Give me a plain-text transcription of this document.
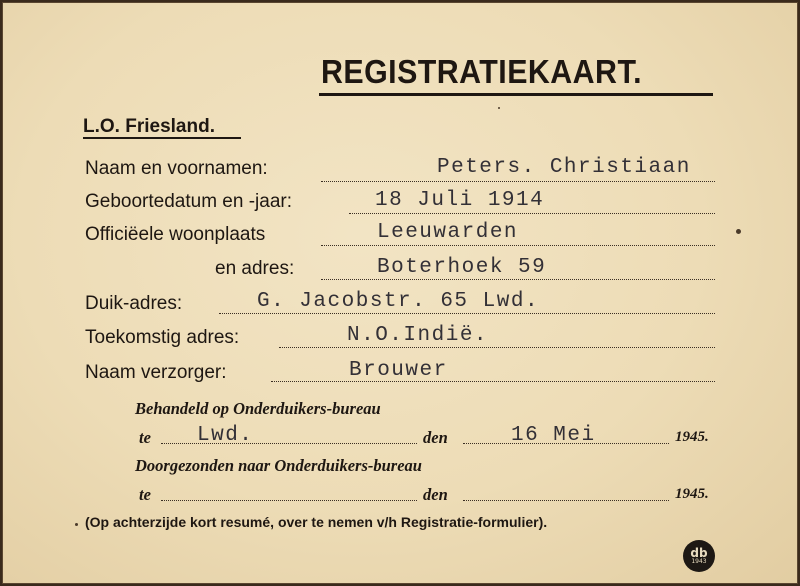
REGISTRATIEKAART.
L.O. Friesland.
Naam en voornamen:	Peters. Christiaan
Geboortedatum en -jaar:	18 Juli 1914
Officiëele woonplaats	Leeuwarden
en adres:	Boterhoek 59
Duik-adres:	G. Jacobstr. 65 Lwd.
Toekomstig adres:	N.O.Indië.
Naam verzorger:	Brouwer
Behandeld op Onderduikers-bureau
te Lwd.	den	16 Mei	1945.
Doorgezonden naar Onderduikers-bureau
te	den	1945.
(Op achterzijde kort resumé, over te nemen v/h Registratie-formulier).
db
1943
